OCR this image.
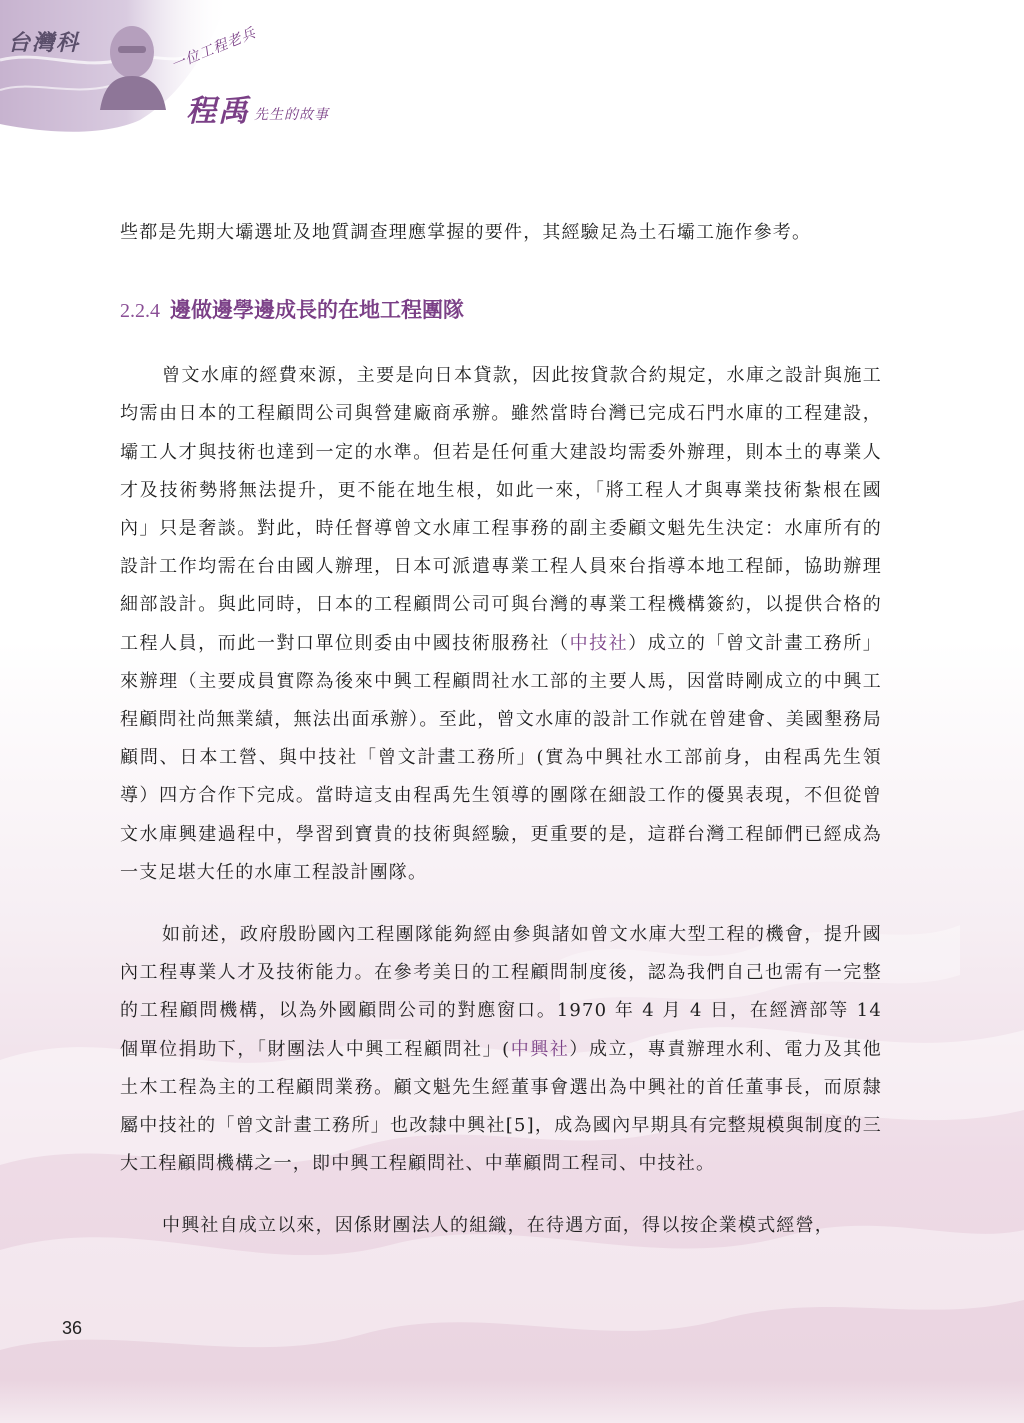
台灣科	一位工程老兵
程禹 先生的故事

些都是先期大壩選址及地質調查理應掌握的要件，其經驗足為土石壩工施作參考。

2.2.4 邊做邊學邊成長的在地工程團隊

曾文水庫的經費來源，主要是向日本貸款，因此按貸款合約規定，水庫之設計與施工均需由日本的工程顧問公司與營建廠商承辦。雖然當時台灣已完成石門水庫的工程建設，壩工人才與技術也達到一定的水準。但若是任何重大建設均需委外辦理，則本土的專業人才及技術勢將無法提升，更不能在地生根，如此一來，「將工程人才與專業技術紮根在國內」只是奢談。對此，時任督導曾文水庫工程事務的副主委顧文魁先生決定：水庫所有的設計工作均需在台由國人辦理，日本可派遣專業工程人員來台指導本地工程師，協助辦理細部設計。與此同時，日本的工程顧問公司可與台灣的專業工程機構簽約，以提供合格的工程人員，而此一對口單位則委由中國技術服務社（中技社）成立的「曾文計畫工務所」來辦理（主要成員實際為後來中興工程顧問社水工部的主要人馬，因當時剛成立的中興工程顧問社尚無業績，無法出面承辦）。至此，曾文水庫的設計工作就在曾建會、美國墾務局顧問、日本工營、與中技社「曾文計畫工務所」(實為中興社水工部前身，由程禹先生領導）四方合作下完成。當時這支由程禹先生領導的團隊在細設工作的優異表現，不但從曾文水庫興建過程中，學習到寶貴的技術與經驗，更重要的是，這群台灣工程師們已經成為一支足堪大任的水庫工程設計團隊。

如前述，政府殷盼國內工程團隊能夠經由參與諸如曾文水庫大型工程的機會，提升國內工程專業人才及技術能力。在參考美日的工程顧問制度後，認為我們自己也需有一完整的工程顧問機構，以為外國顧問公司的對應窗口。1970 年 4 月 4 日，在經濟部等 14 個單位捐助下，「財團法人中興工程顧問社」(中興社）成立，專責辦理水利、電力及其他土木工程為主的工程顧問業務。顧文魁先生經董事會選出為中興社的首任董事長，而原隸屬中技社的「曾文計畫工務所」也改隸中興社[5]，成為國內早期具有完整規模與制度的三大工程顧問機構之一，即中興工程顧問社、中華顧問工程司、中技社。

中興社自成立以來，因係財團法人的組織，在待遇方面，得以按企業模式經營，

36
